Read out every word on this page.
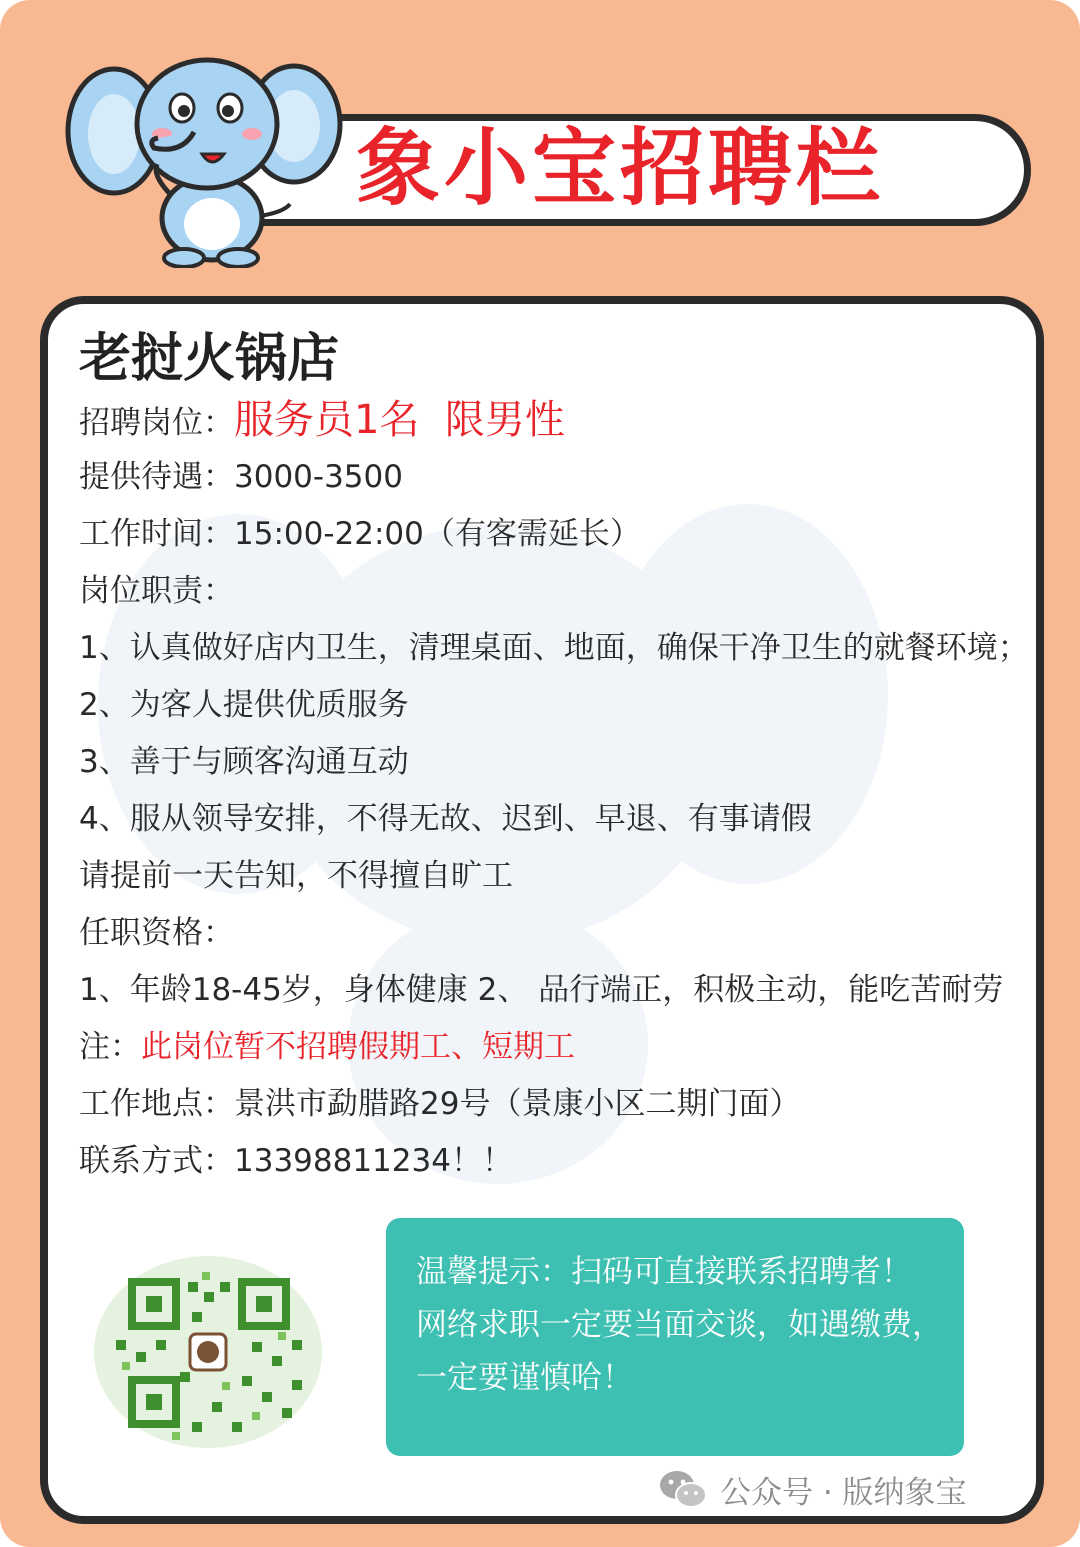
象小宝招聘栏
老挝火锅店
招聘岗位：服务员1名  限男性
提供待遇：3000-3500
工作时间：15:00-22:00（有客需延长）
岗位职责：
1、认真做好店内卫生，清理桌面、地面，确保干净卫生的就餐环境；
2、为客人提供优质服务
3、善于与顾客沟通互动
4、服从领导安排，不得无故、迟到、早退、有事请假
请提前一天告知，不得擅自旷工
任职资格：
1、年龄18-45岁，身体健康 2、 品行端正，积极主动，能吃苦耐劳
注：此岗位暂不招聘假期工、短期工
工作地点：景洪市勐腊路29号（景康小区二期门面）
联系方式：13398811234！！
温馨提示：扫码可直接联系招聘者！
网络求职一定要当面交谈，如遇缴费，
一定要谨慎哈！
公众号 · 版纳象宝
